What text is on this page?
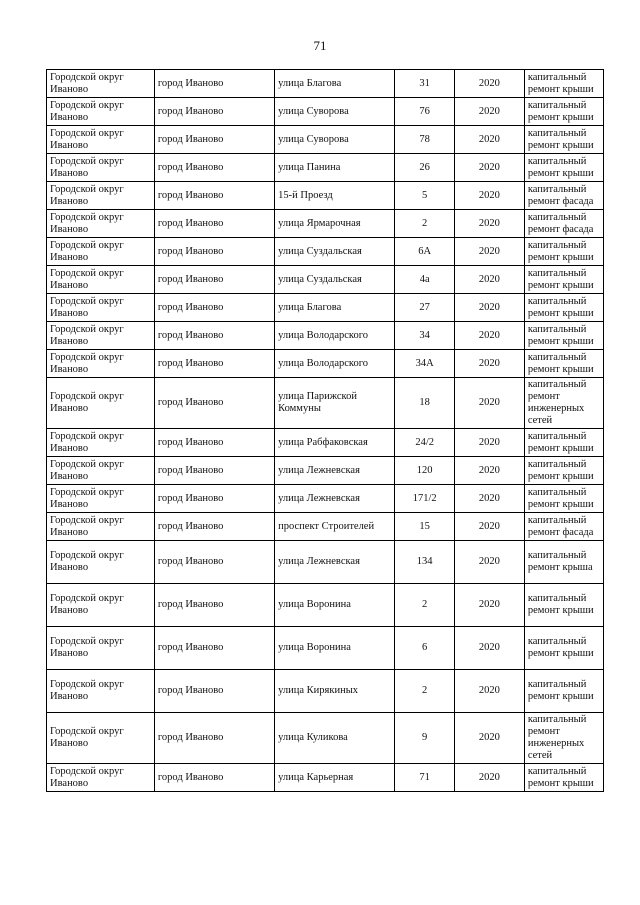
71
Городской округ Иваново	город Иваново	улица Благова	31	2020	капитальный ремонт крыши
Городской округ Иваново	город Иваново	улица Суворова	76	2020	капитальный ремонт крыши
Городской округ Иваново	город Иваново	улица Суворова	78	2020	капитальный ремонт крыши
Городской округ Иваново	город Иваново	улица Панина	26	2020	капитальный ремонт крыши
Городской округ Иваново	город Иваново	15-й Проезд	5	2020	капитальный ремонт фасада
Городской округ Иваново	город Иваново	улица Ярмарочная	2	2020	капитальный ремонт фасада
Городской округ Иваново	город Иваново	улица Суздальская	6А	2020	капитальный ремонт крыши
Городской округ Иваново	город Иваново	улица Суздальская	4а	2020	капитальный ремонт крыши
Городской округ Иваново	город Иваново	улица Благова	27	2020	капитальный ремонт крыши
Городской округ Иваново	город Иваново	улица Володарского	34	2020	капитальный ремонт крыши
Городской округ Иваново	город Иваново	улица Володарского	34А	2020	капитальный ремонт крыши
Городской округ Иваново	город Иваново	улица Парижской Коммуны	18	2020	капитальный ремонт инженерных сетей
Городской округ Иваново	город Иваново	улица Рабфаковская	24/2	2020	капитальный ремонт крыши
Городской округ Иваново	город Иваново	улица Лежневская	120	2020	капитальный ремонт крыши
Городской округ Иваново	город Иваново	улица Лежневская	171/2	2020	капитальный ремонт крыши
Городской округ Иваново	город Иваново	проспект Строителей	15	2020	капитальный ремонт фасада
Городской округ Иваново	город Иваново	улица Лежневская	134	2020	капитальный ремонт крыша
Городской округ Иваново	город Иваново	улица Воронина	2	2020	капитальный ремонт крыши
Городской округ Иваново	город Иваново	улица Воронина	6	2020	капитальный ремонт крыши
Городской округ Иваново	город Иваново	улица Кирякиных	2	2020	капитальный ремонт крыши
Городской округ Иваново	город Иваново	улица Куликова	9	2020	капитальный ремонт инженерных сетей
Городской округ Иваново	город Иваново	улица Карьерная	71	2020	капитальный ремонт крыши
